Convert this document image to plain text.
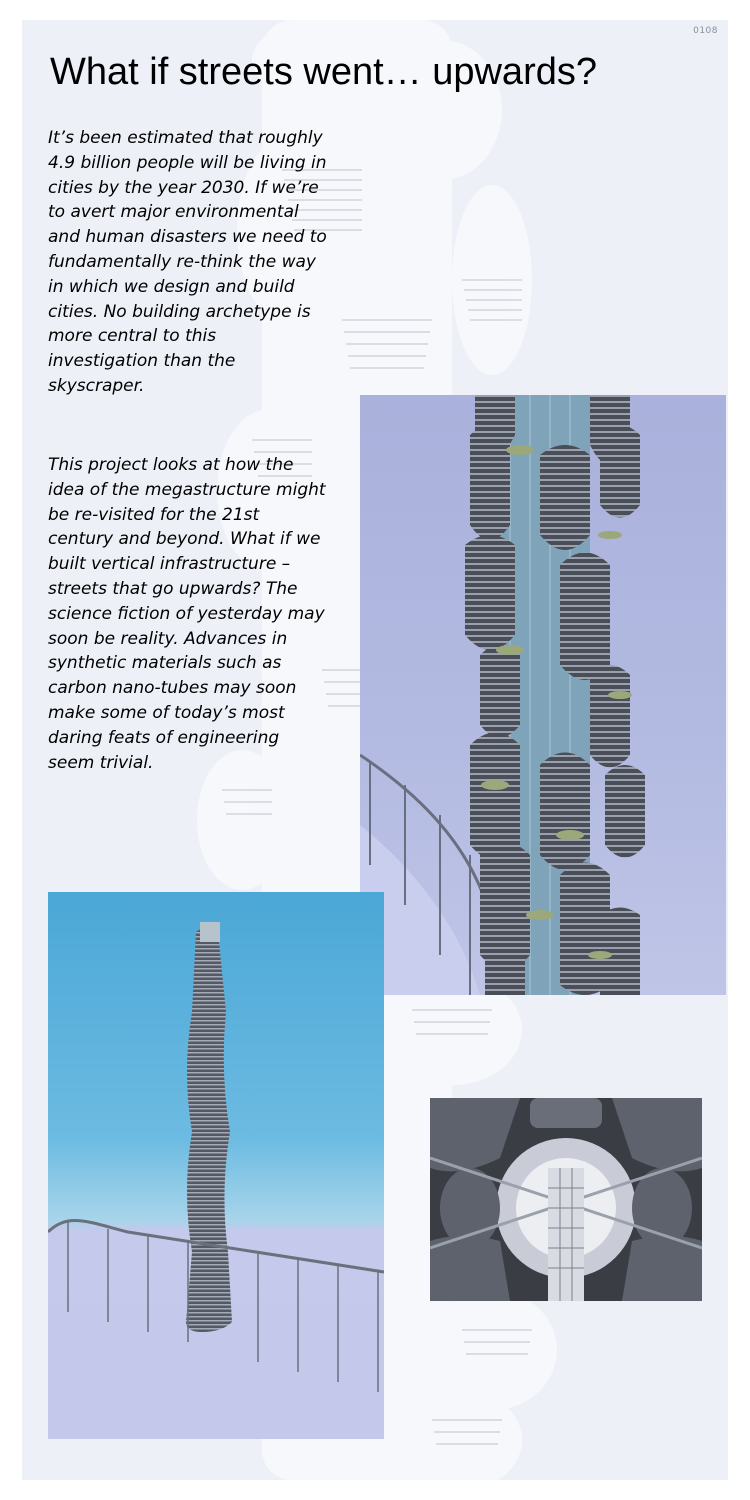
0108
What if streets went… upwards?

It’s been estimated that roughly 4.9 billion people will be living in cities by the year 2030. If we’re to avert major environmental and human disasters we need to fundamentally re-think the way in which we design and build cities. No building archetype is more central to this investigation than the skyscraper.

This project looks at how the idea of the megastructure might be re-visited for the 21st century and beyond. What if we built vertical infrastructure – streets that go upwards? The science fiction of yesterday may soon be reality. Advances in synthetic materials such as carbon nano-tubes may soon make some of today’s most daring feats of engineering seem trivial.
